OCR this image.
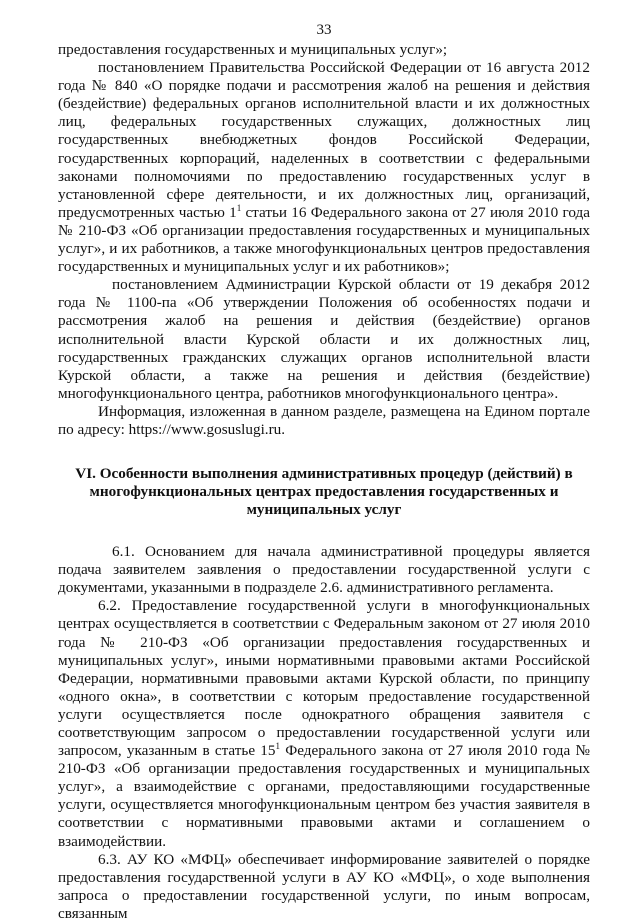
33

предоставления государственных и муниципальных услуг»;

постановлением Правительства Российской Федерации от 16 августа 2012 года № 840 «О порядке подачи и рассмотрения жалоб на решения и действия (бездействие) федеральных органов исполнительной власти и их должностных лиц, федеральных государственных служащих, должностных лиц государственных внебюджетных фондов Российской Федерации, государственных корпораций, наделенных в соответствии с федеральными законами полномочиями по предоставлению государственных услуг в установленной сфере деятельности, и их должностных лиц, организаций, предусмотренных частью $1^1$ статьи 16 Федерального закона от 27 июля 2010 года № 210-ФЗ «Об организации предоставления государственных и муниципальных услуг», и их работников, а также многофункциональных центров предоставления государственных и муниципальных услуг и их работников»;

постановлением Администрации Курской области от 19 декабря 2012 года № 1100-па «Об утверждении Положения об особенностях подачи и рассмотрения жалоб на решения и действия (бездействие) органов исполнительной власти Курской области и их должностных лиц, государственных гражданских служащих органов исполнительной власти Курской области, а также на решения и действия (бездействие) многофункционального центра, работников многофункционального центра».

Информация, изложенная в данном разделе, размещена на Едином портале по адресу: https://www.gosuslugi.ru.

VI. Особенности выполнения административных процедур (действий) в многофункциональных центрах предоставления государственных и муниципальных услуг

6.1. Основанием для начала административной процедуры является подача заявителем заявления о предоставлении государственной услуги с документами, указанными в подразделе 2.6. административного регламента.

6.2. Предоставление государственной услуги в многофункциональных центрах осуществляется в соответствии с Федеральным законом от 27 июля 2010 года № 210-ФЗ «Об организации предоставления государственных и муниципальных услуг», иными нормативными правовыми актами Российской Федерации, нормативными правовыми актами Курской области, по принципу «одного окна», в соответствии с которым предоставление государственной услуги осуществляется после однократного обращения заявителя с соответствующим запросом о предоставлении государственной услуги или запросом, указанным в статье $15^1$ Федерального закона от 27 июля 2010 года № 210-ФЗ «Об организации предоставления государственных и муниципальных услуг», а взаимодействие с органами, предоставляющими государственные услуги, осуществляется многофункциональным центром без участия заявителя в соответствии с нормативными правовыми актами и соглашением о взаимодействии.

6.3. АУ КО «МФЦ» обеспечивает информирование заявителей о порядке предоставления государственной услуги в АУ КО «МФЦ», о ходе выполнения запроса о предоставлении государственной услуги, по иным вопросам, связанным
